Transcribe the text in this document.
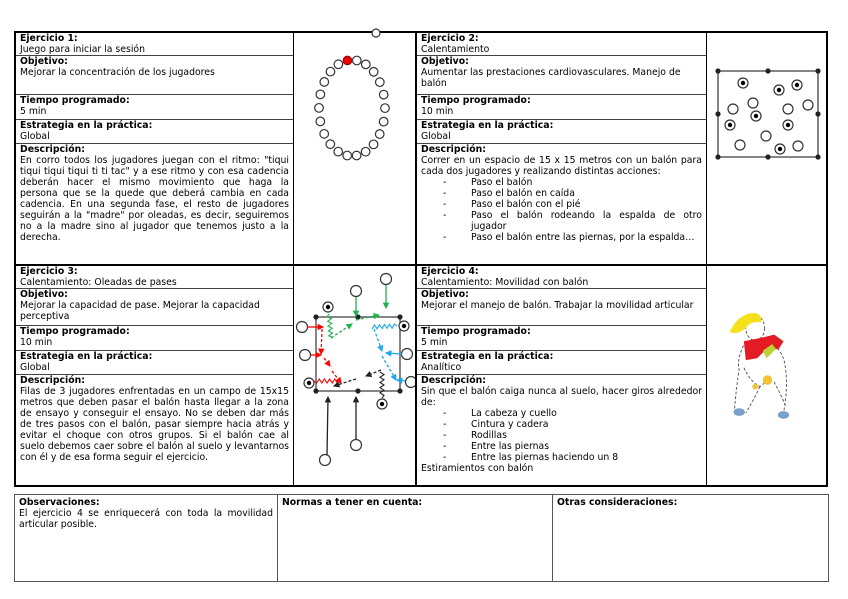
Ejercicio 1:
Juego para iniciar la sesión
Objetivo:
Mejorar la concentración de los jugadores
Tiempo programado:
5 min
Estrategia en la práctica:
Global
Descripción:
En corro todos los jugadores juegan con el ritmo: "tiqui tiqui tiqui tiqui ti ti tac" y a ese ritmo y con esa cadencia deberán hacer el mismo movimiento que haga la persona que se la quede que deberá cambia en cada cadencia. En una segunda fase, el resto de jugadores seguirán a la "madre" por oleadas, es decir, seguiremos no a la madre sino al jugador que tenemos justo a la derecha.
Ejercicio 2:
Calentamiento
Objetivo:
Aumentar las prestaciones cardiovasculares. Manejo de balón
Tiempo programado:
10 min
Estrategia en la práctica:
Global
Descripción:
Correr en un espacio de 15 x 15 metros con un balón para cada dos jugadores y realizando distintas acciones:
- Paso el balón
- Paso el balón en caída
- Paso el balón con el pié
- Paso el balón rodeando la espalda de otro jugador
- Paso el balón entre las piernas, por la espalda…
Ejercicio 3:
Calentamiento: Oleadas de pases
Objetivo:
Mejorar la capacidad de pase. Mejorar la capacidad perceptiva
Tiempo programado:
10 min
Estrategia en la práctica:
Global
Descripción:
Filas de 3 jugadores enfrentadas en un campo de 15x15 metros que deben pasar el balón hasta llegar a la zona de ensayo y conseguir el ensayo. No se deben dar más de tres pasos con el balón, pasar siempre hacia atrás y evitar el choque con otros grupos. Si el balón cae al suelo debemos caer sobre el balón al suelo y levantarnos con él y de esa forma seguir el ejercicio.
Ejercicio 4:
Calentamiento: Movilidad con balón
Objetivo:
Mejorar el manejo de balón. Trabajar la movilidad articular
Tiempo programado:
5 min
Estrategia en la práctica:
Analítico
Descripción:
Sin que el balón caiga nunca al suelo, hacer giros alrededor de:
- La cabeza y cuello
- Cintura y cadera
- Rodillas
- Entre las piernas
- Entre las piernas haciendo un 8
Estiramientos con balón
Observaciones:
El ejercicio 4 se enriquecerá con toda la movilidad articular posible.
Normas a tener en cuenta:	Otras consideraciones:
